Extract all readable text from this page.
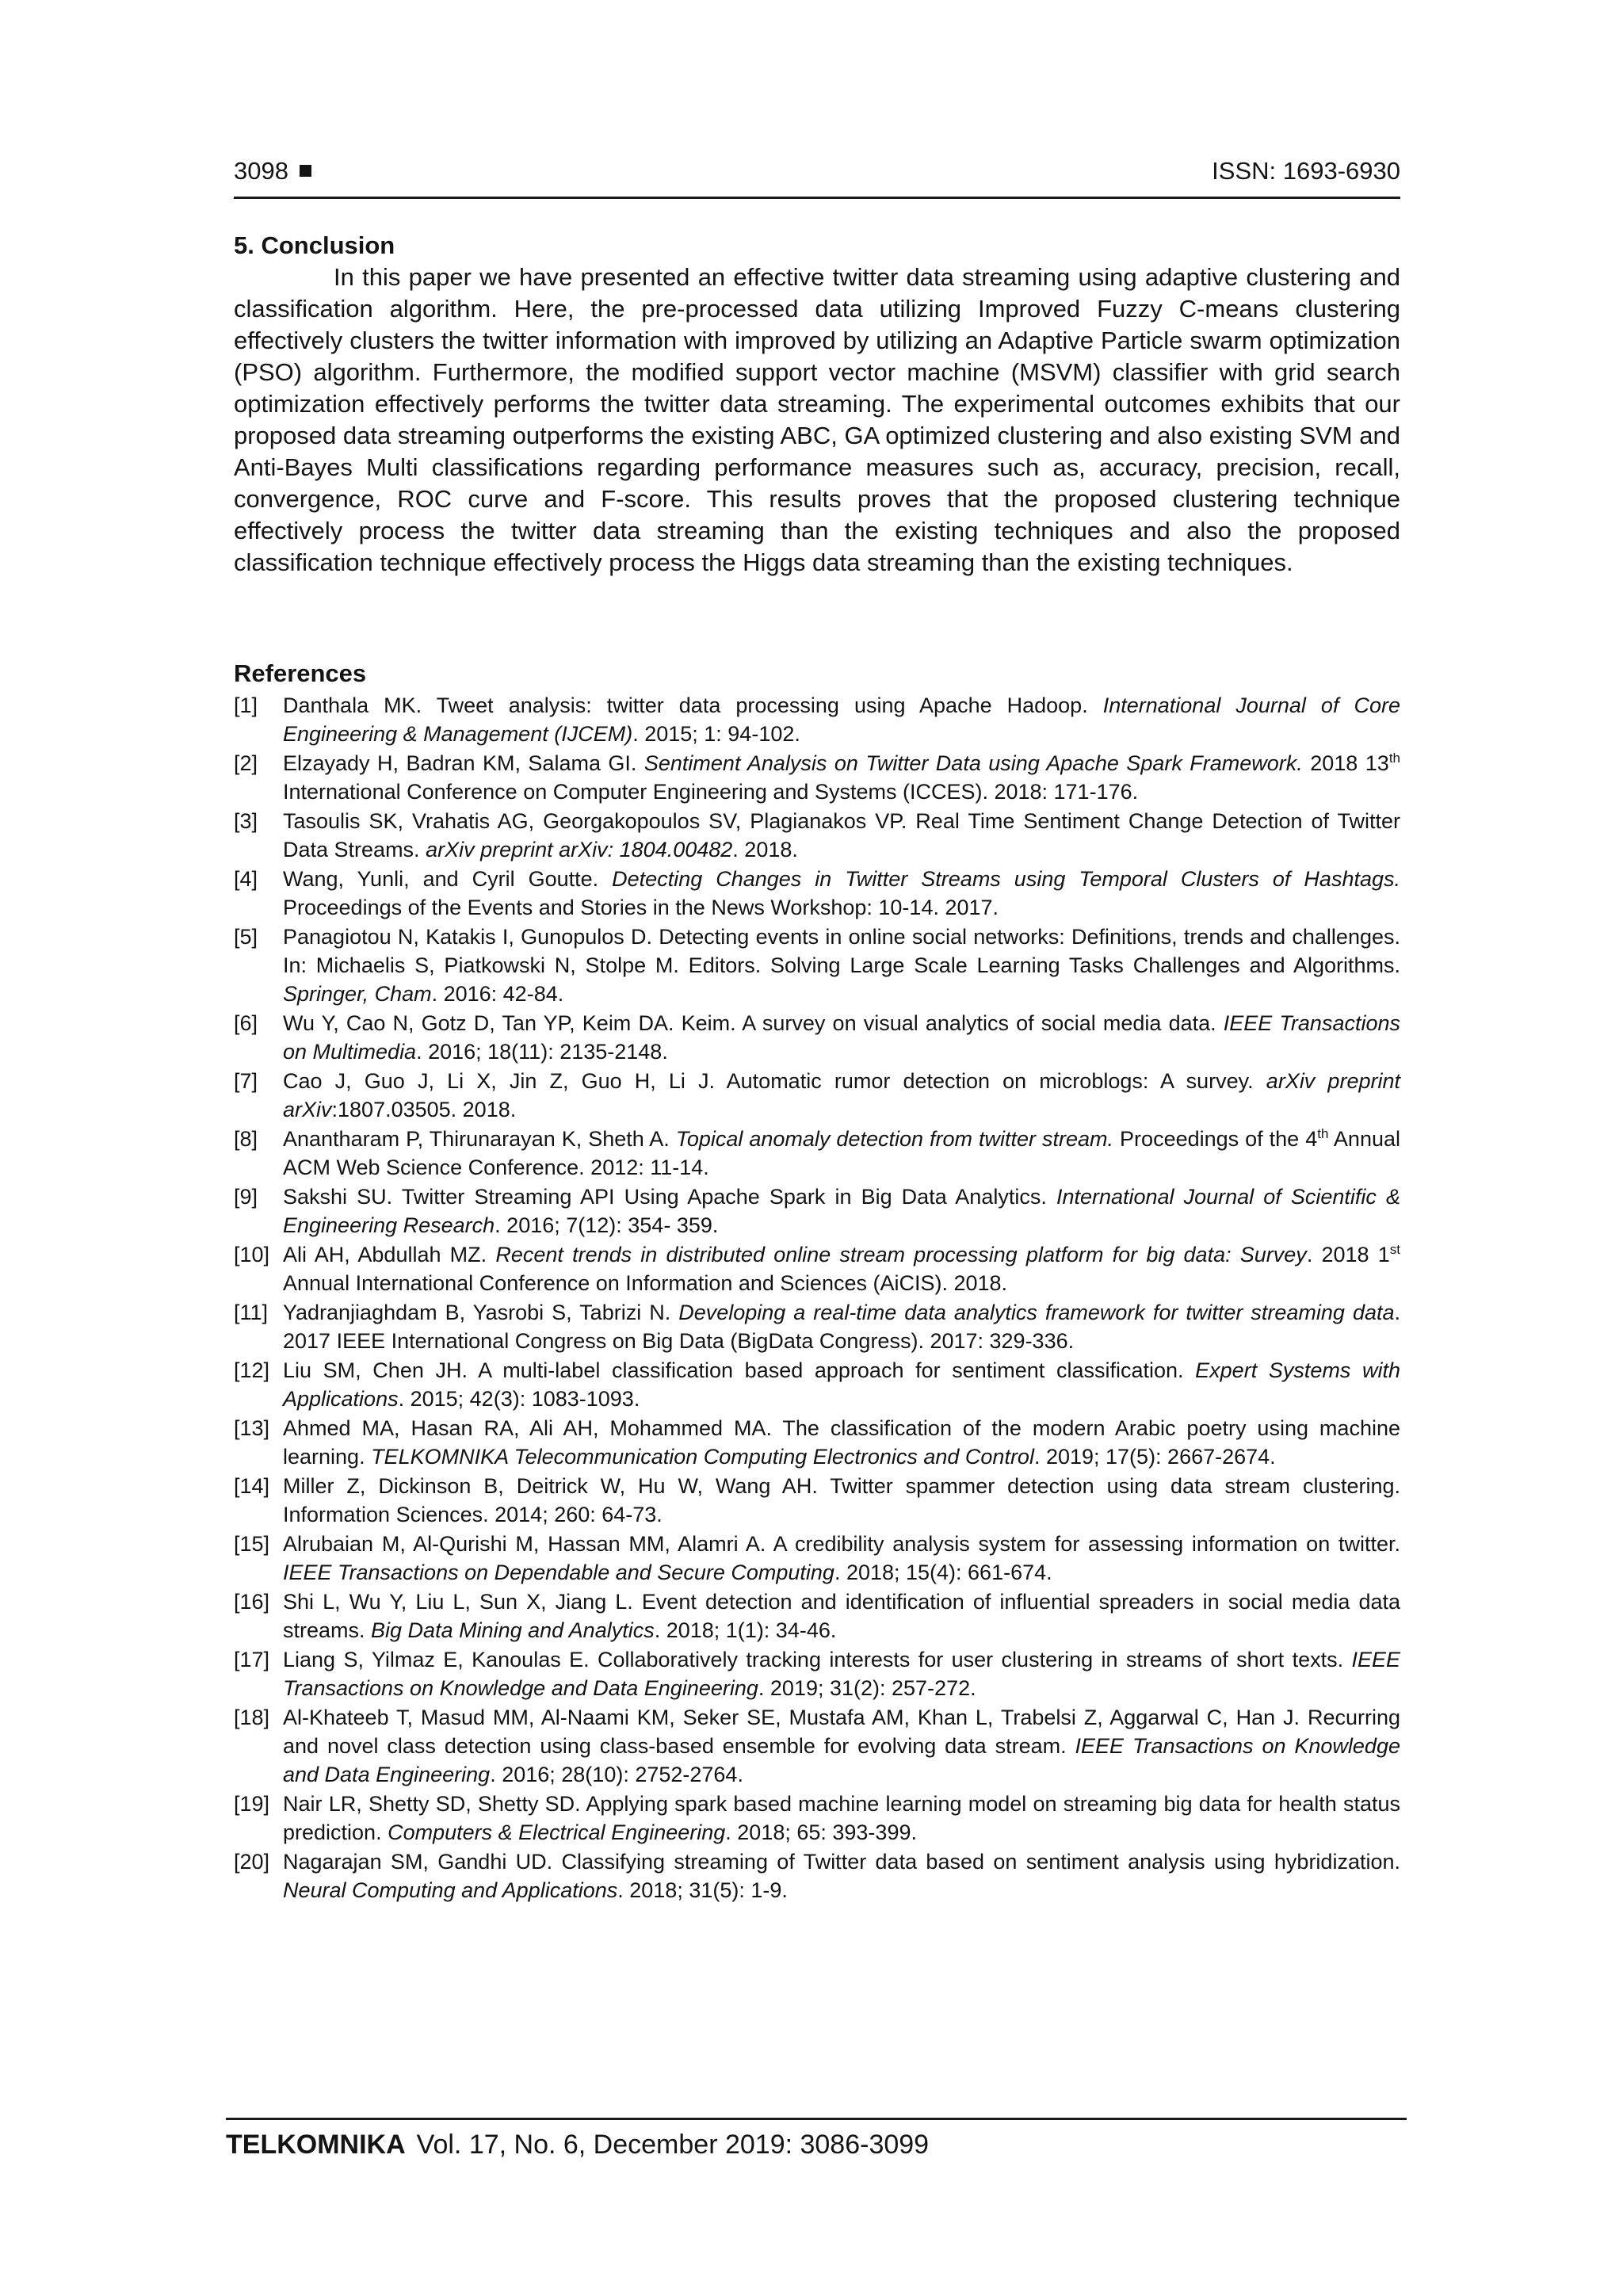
3098	ISSN: 1693-6930
5. Conclusion

In this paper we have presented an effective twitter data streaming using adaptive clustering and classification algorithm. Here, the pre-processed data utilizing Improved Fuzzy C-means clustering effectively clusters the twitter information with improved by utilizing an Adaptive Particle swarm optimization (PSO) algorithm. Furthermore, the modified support vector machine (MSVM) classifier with grid search optimization effectively performs the twitter data streaming. The experimental outcomes exhibits that our proposed data streaming outperforms the existing ABC, GA optimized clustering and also existing SVM and Anti-Bayes Multi classifications regarding performance measures such as, accuracy, precision, recall, convergence, ROC curve and F-score. This results proves that the proposed clustering technique effectively process the twitter data streaming than the existing techniques and also the proposed classification technique effectively process the Higgs data streaming than the existing techniques.

References
[1]	Danthala MK. Tweet analysis: twitter data processing using Apache Hadoop. International Journal of Core Engineering & Management (IJCEM). 2015; 1: 94-102.
[2]	Elzayady H, Badran KM, Salama GI. Sentiment Analysis on Twitter Data using Apache Spark Framework. 2018 13th International Conference on Computer Engineering and Systems (ICCES). 2018: 171-176.
[3]	Tasoulis SK, Vrahatis AG, Georgakopoulos SV, Plagianakos VP. Real Time Sentiment Change Detection of Twitter Data Streams. arXiv preprint arXiv: 1804.00482. 2018.
[4]	Wang, Yunli, and Cyril Goutte. Detecting Changes in Twitter Streams using Temporal Clusters of Hashtags. Proceedings of the Events and Stories in the News Workshop: 10-14. 2017.
[5]	Panagiotou N, Katakis I, Gunopulos D. Detecting events in online social networks: Definitions, trends and challenges. In: Michaelis S, Piatkowski N, Stolpe M. Editors. Solving Large Scale Learning Tasks Challenges and Algorithms. Springer, Cham. 2016: 42-84.
[6]	Wu Y, Cao N, Gotz D, Tan YP, Keim DA. Keim. A survey on visual analytics of social media data. IEEE Transactions on Multimedia. 2016; 18(11): 2135-2148.
[7]	Cao J, Guo J, Li X, Jin Z, Guo H, Li J. Automatic rumor detection on microblogs: A survey. arXiv preprint arXiv:1807.03505. 2018.
[8]	Anantharam P, Thirunarayan K, Sheth A. Topical anomaly detection from twitter stream. Proceedings of the 4th Annual ACM Web Science Conference. 2012: 11-14.
[9]	Sakshi SU. Twitter Streaming API Using Apache Spark in Big Data Analytics. International Journal of Scientific & Engineering Research. 2016; 7(12): 354- 359.
[10] Ali AH, Abdullah MZ. Recent trends in distributed online stream processing platform for big data: Survey. 2018 1st Annual International Conference on Information and Sciences (AiCIS). 2018.
[11] Yadranjiaghdam B, Yasrobi S, Tabrizi N. Developing a real-time data analytics framework for twitter streaming data. 2017 IEEE International Congress on Big Data (BigData Congress). 2017: 329-336.
[12] Liu SM, Chen JH. A multi-label classification based approach for sentiment classification. Expert Systems with Applications. 2015; 42(3): 1083-1093.
[13] Ahmed MA, Hasan RA, Ali AH, Mohammed MA. The classification of the modern Arabic poetry using machine learning. TELKOMNIKA Telecommunication Computing Electronics and Control. 2019; 17(5): 2667-2674.
[14] Miller Z, Dickinson B, Deitrick W, Hu W, Wang AH. Twitter spammer detection using data stream clustering. Information Sciences. 2014; 260: 64-73.
[15] Alrubaian M, Al-Qurishi M, Hassan MM, Alamri A. A credibility analysis system for assessing information on twitter. IEEE Transactions on Dependable and Secure Computing. 2018; 15(4): 661-674.
[16] Shi L, Wu Y, Liu L, Sun X, Jiang L. Event detection and identification of influential spreaders in social media data streams. Big Data Mining and Analytics. 2018; 1(1): 34-46.
[17] Liang S, Yilmaz E, Kanoulas E. Collaboratively tracking interests for user clustering in streams of short texts. IEEE Transactions on Knowledge and Data Engineering. 2019; 31(2): 257-272.
[18] Al-Khateeb T, Masud MM, Al-Naami KM, Seker SE, Mustafa AM, Khan L, Trabelsi Z, Aggarwal C, Han J. Recurring and novel class detection using class-based ensemble for evolving data stream. IEEE Transactions on Knowledge and Data Engineering. 2016; 28(10): 2752-2764.
[19] Nair LR, Shetty SD, Shetty SD. Applying spark based machine learning model on streaming big data for health status prediction. Computers & Electrical Engineering. 2018; 65: 393-399.
[20] Nagarajan SM, Gandhi UD. Classifying streaming of Twitter data based on sentiment analysis using hybridization. Neural Computing and Applications. 2018; 31(5): 1-9.
TELKOMNIKA Vol. 17, No. 6, December 2019: 3086-3099
